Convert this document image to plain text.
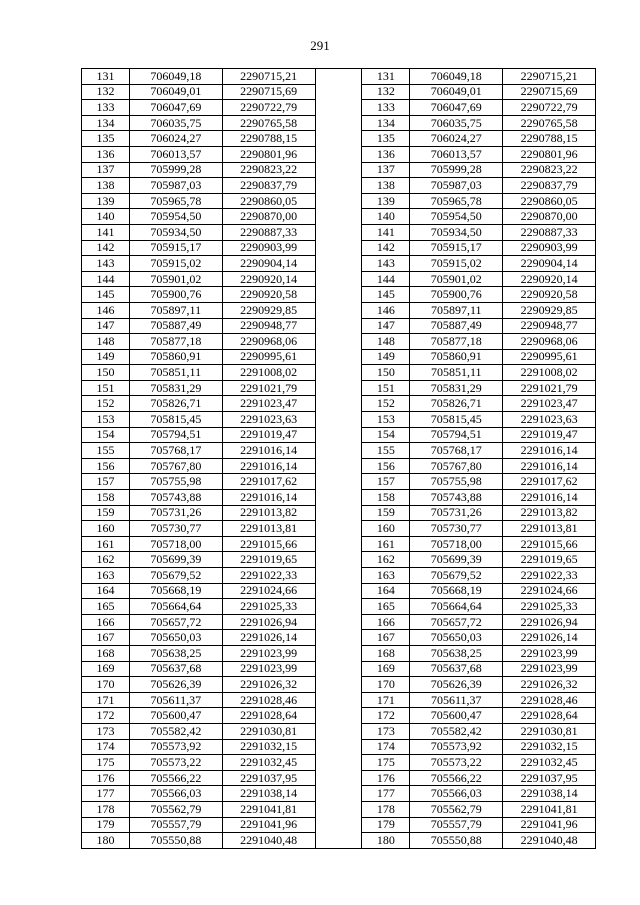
291
131	706049,18	2290715,21		131	706049,18	2290715,21
132	706049,01	2290715,69		132	706049,01	2290715,69
133	706047,69	2290722,79		133	706047,69	2290722,79
134	706035,75	2290765,58		134	706035,75	2290765,58
135	706024,27	2290788,15		135	706024,27	2290788,15
136	706013,57	2290801,96		136	706013,57	2290801,96
137	705999,28	2290823,22		137	705999,28	2290823,22
138	705987,03	2290837,79		138	705987,03	2290837,79
139	705965,78	2290860,05		139	705965,78	2290860,05
140	705954,50	2290870,00		140	705954,50	2290870,00
141	705934,50	2290887,33		141	705934,50	2290887,33
142	705915,17	2290903,99		142	705915,17	2290903,99
143	705915,02	2290904,14		143	705915,02	2290904,14
144	705901,02	2290920,14		144	705901,02	2290920,14
145	705900,76	2290920,58		145	705900,76	2290920,58
146	705897,11	2290929,85		146	705897,11	2290929,85
147	705887,49	2290948,77		147	705887,49	2290948,77
148	705877,18	2290968,06		148	705877,18	2290968,06
149	705860,91	2290995,61		149	705860,91	2290995,61
150	705851,11	2291008,02		150	705851,11	2291008,02
151	705831,29	2291021,79		151	705831,29	2291021,79
152	705826,71	2291023,47		152	705826,71	2291023,47
153	705815,45	2291023,63		153	705815,45	2291023,63
154	705794,51	2291019,47		154	705794,51	2291019,47
155	705768,17	2291016,14		155	705768,17	2291016,14
156	705767,80	2291016,14		156	705767,80	2291016,14
157	705755,98	2291017,62		157	705755,98	2291017,62
158	705743,88	2291016,14		158	705743,88	2291016,14
159	705731,26	2291013,82		159	705731,26	2291013,82
160	705730,77	2291013,81		160	705730,77	2291013,81
161	705718,00	2291015,66		161	705718,00	2291015,66
162	705699,39	2291019,65		162	705699,39	2291019,65
163	705679,52	2291022,33		163	705679,52	2291022,33
164	705668,19	2291024,66		164	705668,19	2291024,66
165	705664,64	2291025,33		165	705664,64	2291025,33
166	705657,72	2291026,94		166	705657,72	2291026,94
167	705650,03	2291026,14		167	705650,03	2291026,14
168	705638,25	2291023,99		168	705638,25	2291023,99
169	705637,68	2291023,99		169	705637,68	2291023,99
170	705626,39	2291026,32		170	705626,39	2291026,32
171	705611,37	2291028,46		171	705611,37	2291028,46
172	705600,47	2291028,64		172	705600,47	2291028,64
173	705582,42	2291030,81		173	705582,42	2291030,81
174	705573,92	2291032,15		174	705573,92	2291032,15
175	705573,22	2291032,45		175	705573,22	2291032,45
176	705566,22	2291037,95		176	705566,22	2291037,95
177	705566,03	2291038,14		177	705566,03	2291038,14
178	705562,79	2291041,81		178	705562,79	2291041,81
179	705557,79	2291041,96		179	705557,79	2291041,96
180	705550,88	2291040,48		180	705550,88	2291040,48
